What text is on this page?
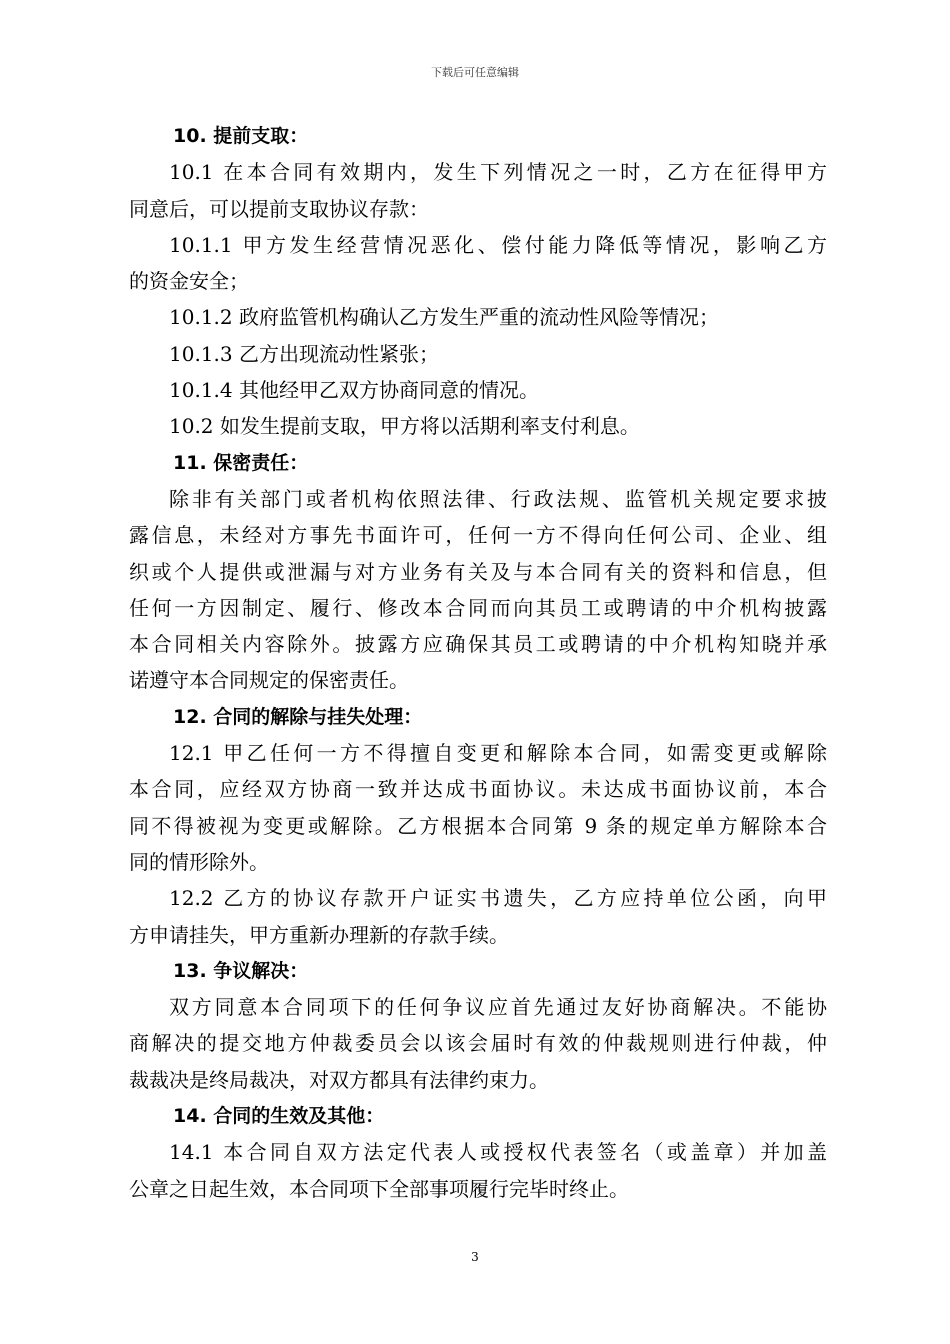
下载后可任意编辑
10. 提前支取：
10.1 在本合同有效期内，发生下列情况之一时，乙方在征得甲方
同意后，可以提前支取协议存款：
10.1.1 甲方发生经营情况恶化、偿付能力降低等情况，影响乙方
的资金安全；
10.1.2 政府监管机构确认乙方发生严重的流动性风险等情况；
10.1.3 乙方出现流动性紧张；
10.1.4 其他经甲乙双方协商同意的情况。
10.2 如发生提前支取，甲方将以活期利率支付利息。
11. 保密责任：
除非有关部门或者机构依照法律、行政法规、监管机关规定要求披
露信息，未经对方事先书面许可，任何一方不得向任何公司、企业、组
织或个人提供或泄漏与对方业务有关及与本合同有关的资料和信息，但
任何一方因制定、履行、修改本合同而向其员工或聘请的中介机构披露
本合同相关内容除外。披露方应确保其员工或聘请的中介机构知晓并承
诺遵守本合同规定的保密责任。
12. 合同的解除与挂失处理：
12.1 甲乙任何一方不得擅自变更和解除本合同，如需变更或解除
本合同，应经双方协商一致并达成书面协议。未达成书面协议前，本合
同不得被视为变更或解除。乙方根据本合同第 9 条的规定单方解除本合
同的情形除外。
12.2 乙方的协议存款开户证实书遗失，乙方应持单位公函，向甲
方申请挂失，甲方重新办理新的存款手续。
13. 争议解决：
双方同意本合同项下的任何争议应首先通过友好协商解决。不能协
商解决的提交地方仲裁委员会以该会届时有效的仲裁规则进行仲裁，仲
裁裁决是终局裁决，对双方都具有法律约束力。
14. 合同的生效及其他：
14.1 本合同自双方法定代表人或授权代表签名（或盖章）并加盖
公章之日起生效，本合同项下全部事项履行完毕时终止。
3
